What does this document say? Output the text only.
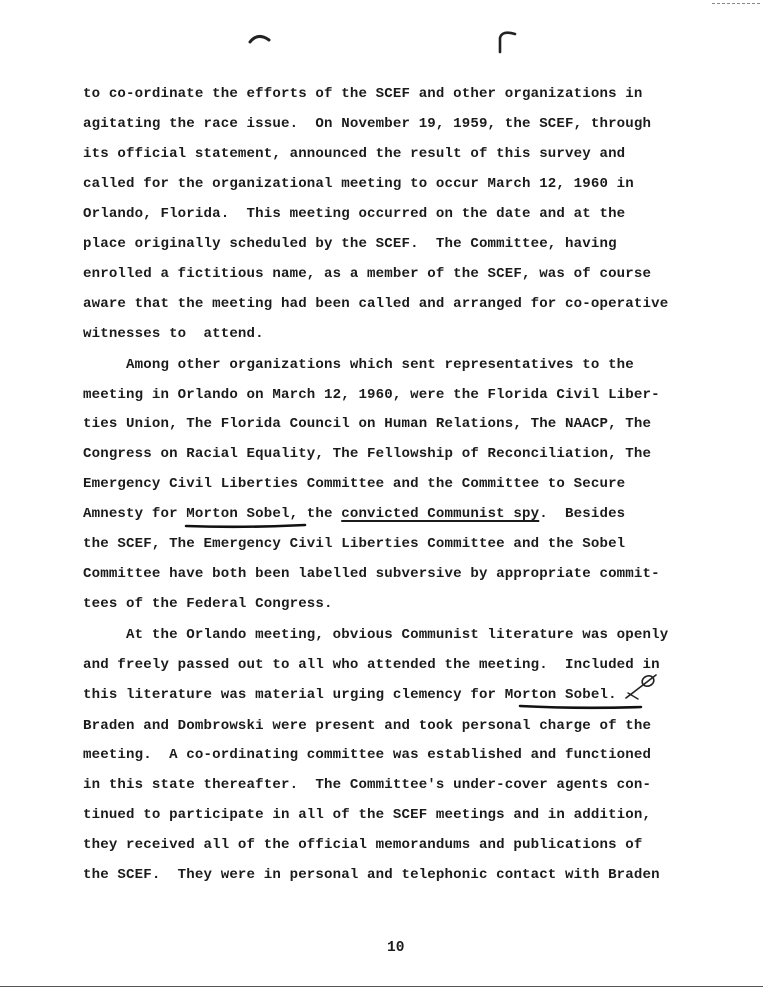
to co-ordinate the efforts of the SCEF and other organizations in
agitating the race issue.  On November 19, 1959, the SCEF, through
its official statement, announced the result of this survey and
called for the organizational meeting to occur March 12, 1960 in
Orlando, Florida.  This meeting occurred on the date and at the
place originally scheduled by the SCEF.  The Committee, having
enrolled a fictitious name, as a member of the SCEF, was of course
aware that the meeting had been called and arranged for co-operative
witnesses to  attend.
Among other organizations which sent representatives to the
meeting in Orlando on March 12, 1960, were the Florida Civil Liber-
ties Union, The Florida Council on Human Relations, The NAACP, The
Congress on Racial Equality, The Fellowship of Reconciliation, The
Emergency Civil Liberties Committee and the Committee to Secure
Amnesty for Morton Sobel, the convicted Communist spy.  Besides
the SCEF, The Emergency Civil Liberties Committee and the Sobel
Committee have both been labelled subversive by appropriate commit-
tees of the Federal Congress.
At the Orlando meeting, obvious Communist literature was openly
and freely passed out to all who attended the meeting.  Included in
this literature was material urging clemency for Morton Sobel.
Braden and Dombrowski were present and took personal charge of the
meeting.  A co-ordinating committee was established and functioned
in this state thereafter.  The Committee's under-cover agents con-
tinued to participate in all of the SCEF meetings and in addition,
they received all of the official memorandums and publications of
the SCEF.  They were in personal and telephonic contact with Braden
10
